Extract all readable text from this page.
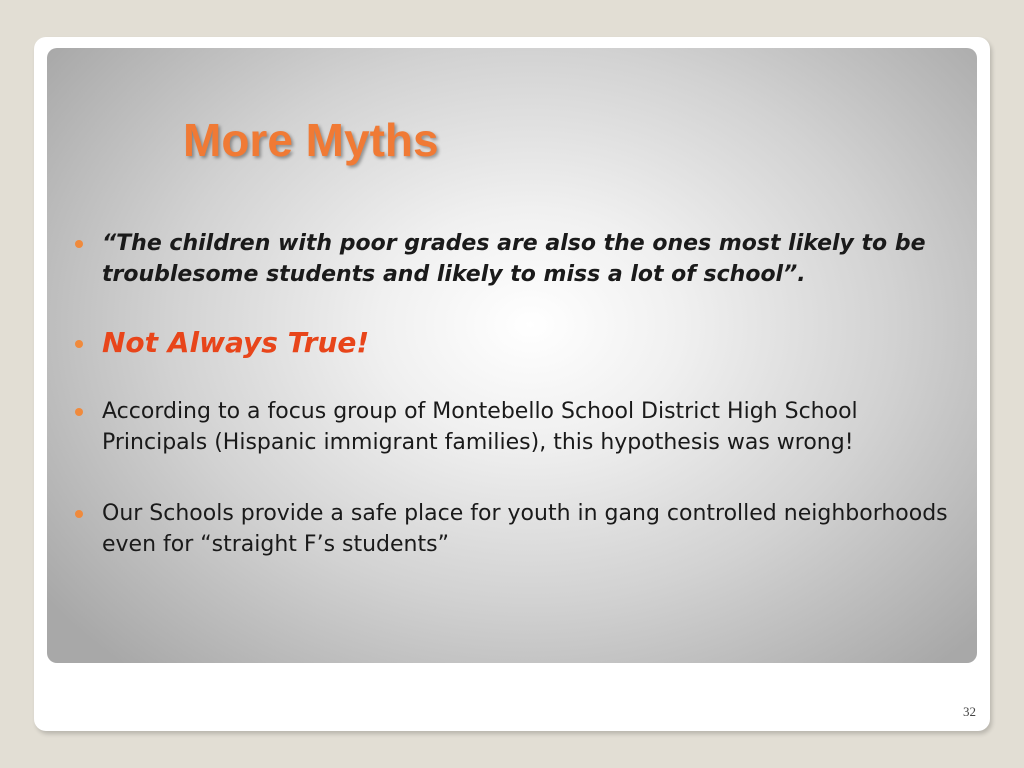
More Myths
“The children with poor grades are also the ones most likely to be troublesome students and likely to miss a lot of school”.
Not Always True!
According to a focus group of Montebello School District High School Principals (Hispanic immigrant families), this hypothesis was wrong!
Our Schools provide a safe place for youth in gang controlled neighborhoods even for “straight F’s students”
32
